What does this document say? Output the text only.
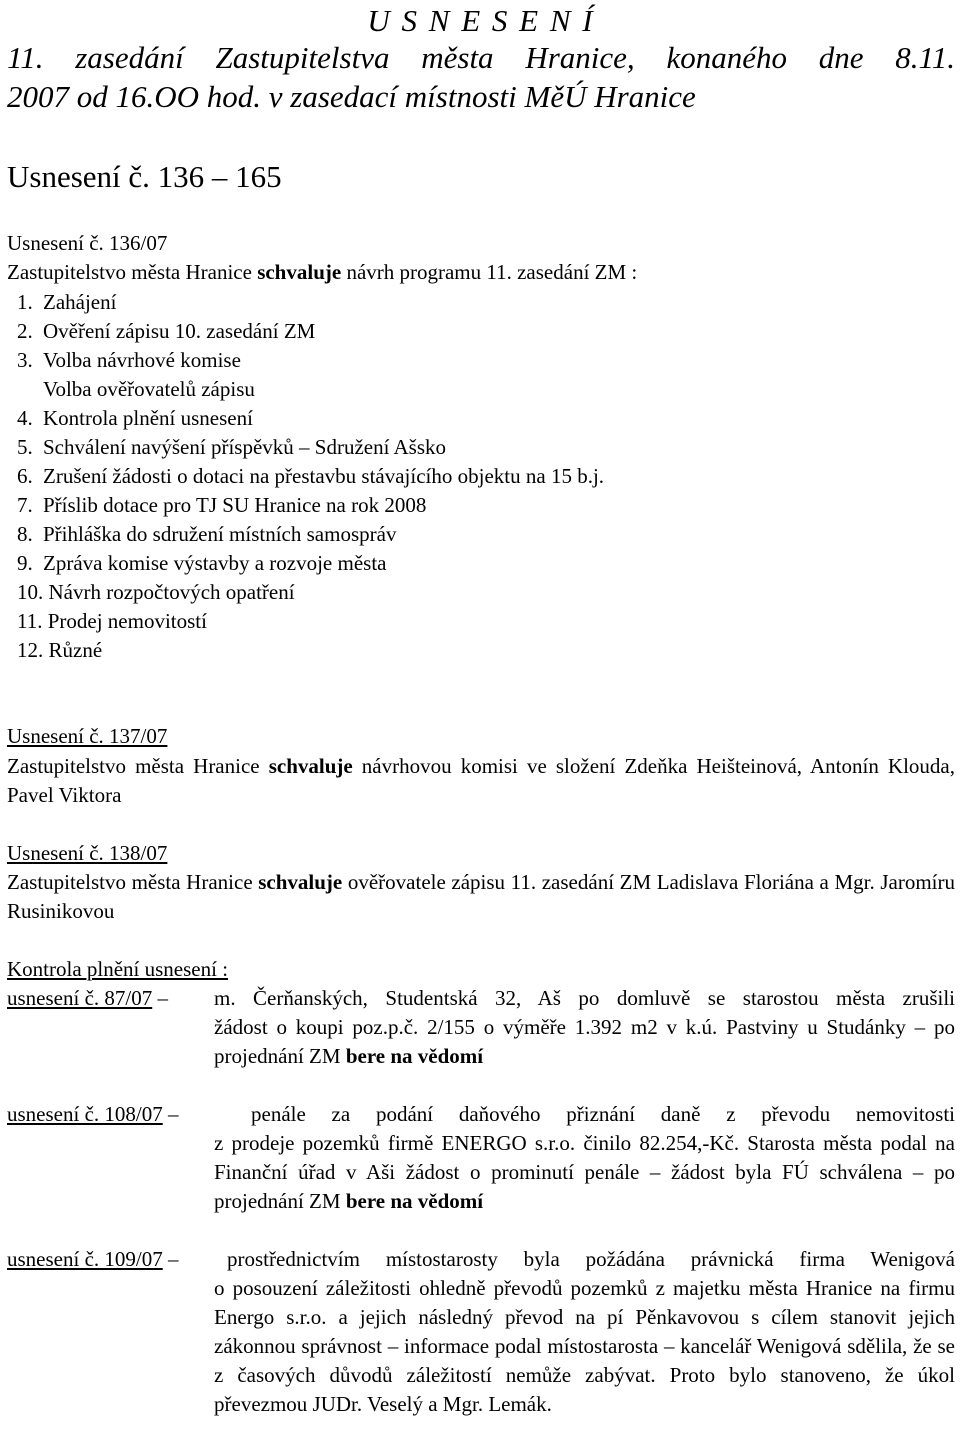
U S N E S E N Í
11. zasedání Zastupitelstva města Hranice, konaného dne 8.11.
2007 od 16.OO hod. v zasedací místnosti MěÚ Hranice
Usnesení č. 136 – 165
Usnesení č. 136/07
Zastupitelstvo města Hranice schvaluje návrh programu 11. zasedání ZM :
1. Zahájení
2. Ověření zápisu 10. zasedání ZM
3. Volba návrhové komise
Volba ověřovatelů zápisu
4. Kontrola plnění usnesení
5. Schválení navýšení příspěvků – Sdružení Ašsko
6. Zrušení žádosti o dotaci na přestavbu stávajícího objektu na 15 b.j.
7. Příslib dotace pro TJ SU Hranice na rok 2008
8. Přihláška do sdružení místních samospráv
9. Zpráva komise výstavby a rozvoje města
10. Návrh rozpočtových opatření
11. Prodej nemovitostí
12. Různé
Usnesení č. 137/07
Zastupitelstvo města Hranice schvaluje návrhovou komisi ve složení Zdeňka Heišteinová, Antonín Klouda, Pavel Viktora
Usnesení č. 138/07
Zastupitelstvo města Hranice schvaluje ověřovatele zápisu 11. zasedání ZM Ladislava Floriána a Mgr. Jaromíru Rusinikovou
Kontrola plnění usnesení :
usnesení č. 87/07 – m. Čerňanských, Studentská 32, Aš po domluvě se starostou města zrušili
žádost o koupi poz.p.č. 2/155 o výměře 1.392 m2 v k.ú. Pastviny u Studánky – po projednání ZM bere na vědomí
usnesení č. 108/07 –	penále za podání daňového přiznání daně z převodu nemovitosti
z prodeje pozemků firmě ENERGO s.r.o. činilo 82.254,-Kč. Starosta města podal na Finanční úřad v Aši žádost o prominutí penále – žádost byla FÚ schválena – po projednání ZM bere na vědomí
usnesení č. 109/07 – prostřednictvím místostarosty byla požádána právnická firma Wenigová
o posouzení záležitosti ohledně převodů pozemků z majetku města Hranice na firmu Energo s.r.o. a jejich následný převod na pí Pěnkavovou s cílem stanovit jejich zákonnou správnost – informace podal místostarosta – kancelář Wenigová sdělila, že se z časových důvodů záležitostí nemůže zabývat. Proto bylo stanoveno, že úkol převezmou JUDr. Veselý a Mgr. Lemák.
